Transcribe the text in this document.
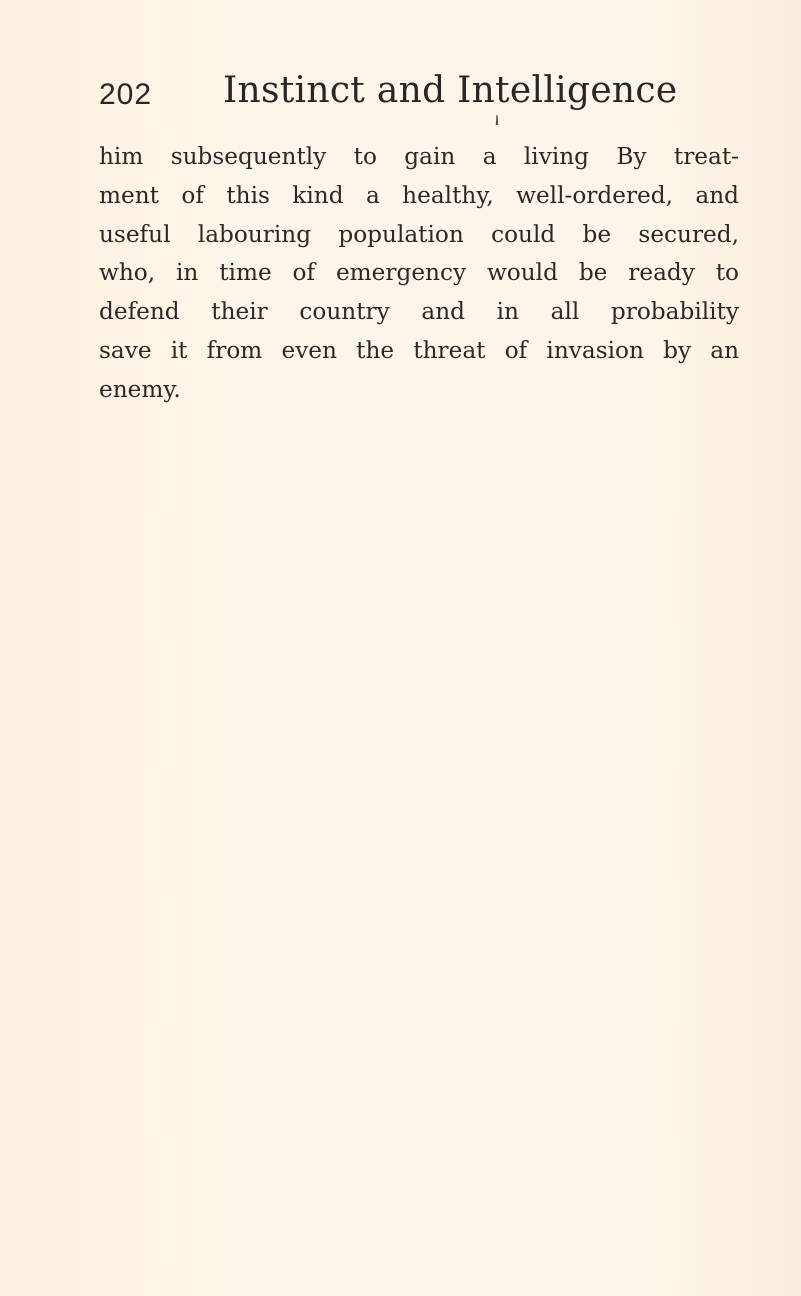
202 Instinct and Intelligence
him subsequently to gain a living By treat-
ment of this kind a healthy, well-ordered, and
useful labouring population could be secured,
who, in time of emergency would be ready to
defend their country and in all probability
save it from even the threat of invasion by an
enemy.
